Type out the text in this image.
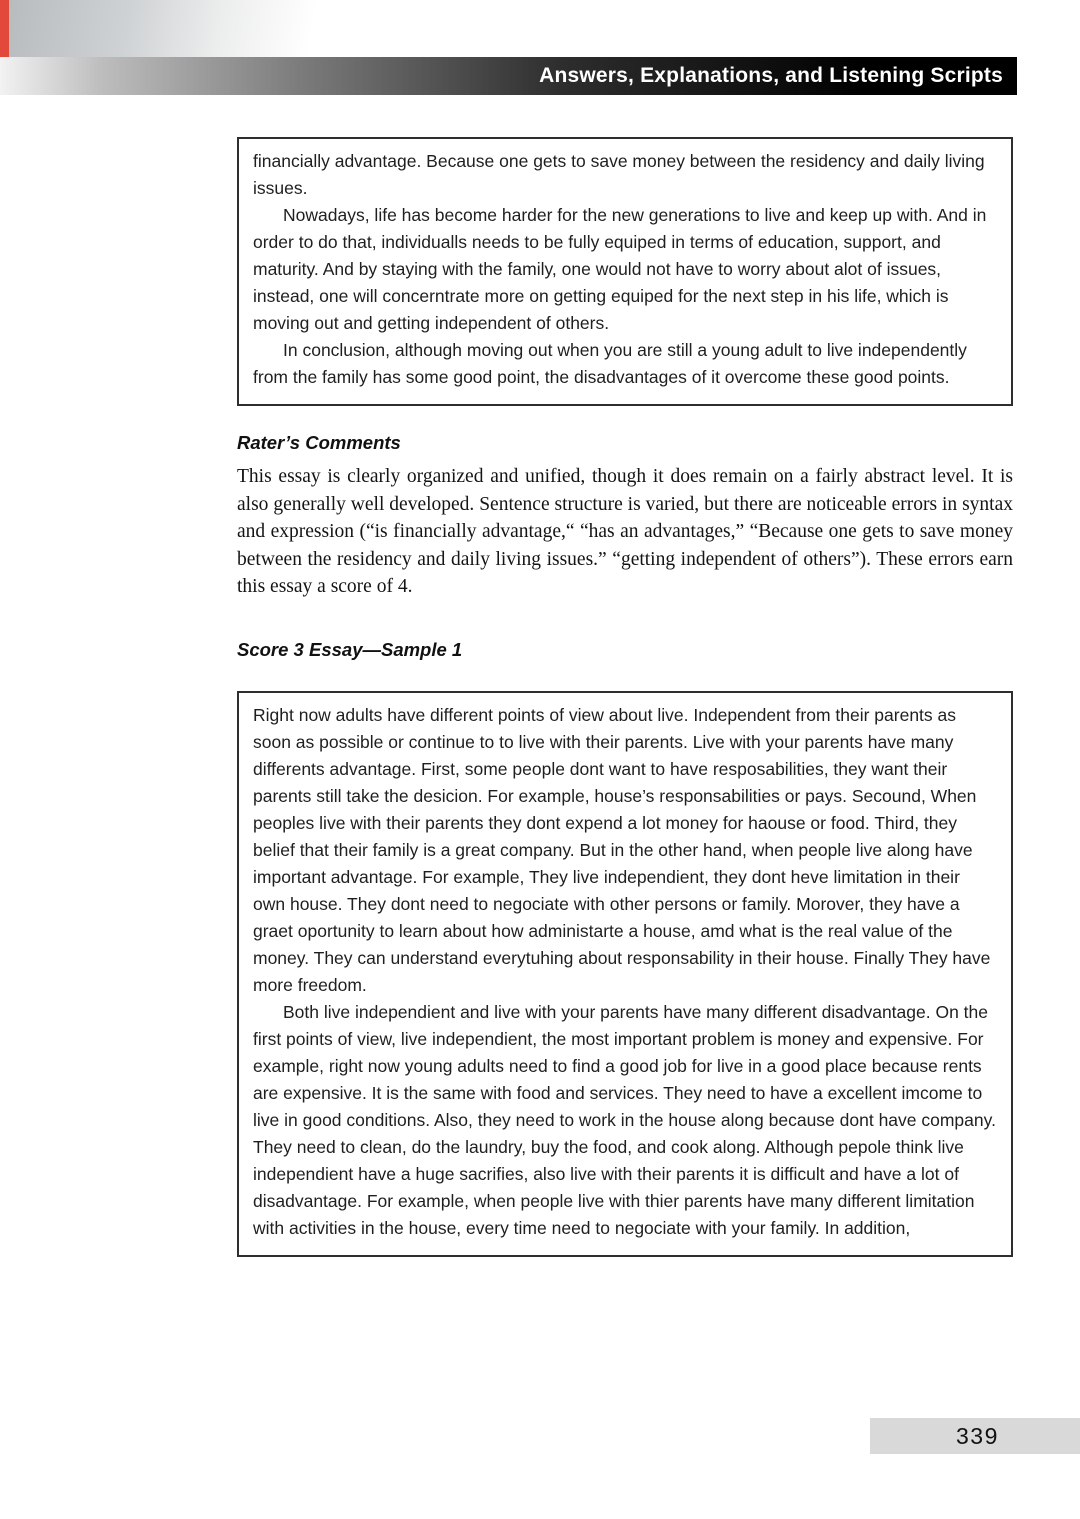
Answers, Explanations, and Listening Scripts

financially advantage. Because one gets to save money between the residency and daily living issues.

Nowadays, life has become harder for the new generations to live and keep up with. And in order to do that, individualls needs to be fully equiped in terms of education, support, and maturity. And by staying with the family, one would not have to worry about alot of issues, instead, one will concerntrate more on getting equiped for the next step in his life, which is moving out and getting independent of others.

In conclusion, although moving out when you are still a young adult to live independently from the family has some good point, the disadvantages of it overcome these good points.

Rater’s Comments

This essay is clearly organized and unified, though it does remain on a fairly abstract level. It is also generally well developed. Sentence structure is varied, but there are noticeable errors in syntax and expression (“is financially advantage,“ “has an advantages,” “Because one gets to save money between the residency and daily living issues.” “getting independent of others”). These errors earn this essay a score of 4.

Score 3 Essay—Sample 1

Right now adults have different points of view about live. Independent from their parents as soon as possible or continue to to live with their parents. Live with your parents have many differents advantage. First, some people dont want to have resposabilities, they want their parents still take the desicion. For example, house’s responsabilities or pays. Secound, When peoples live with their parents they dont expend a lot money for haouse or food. Third, they belief that their family is a great company. But in the other hand, when people live along have important advantage. For example, They live independient, they dont heve limitation in their own house. They dont need to negociate with other persons or family. Morover, they have a graet oportunity to learn about how administarte a house, amd what is the real value of the money. They can understand everytuhing about responsability in their house. Finally They have more freedom.

Both live independient and live with your parents have many different disadvantage. On the first points of view, live independient, the most important problem is money and expensive. For example, right now young adults need to find a good job for live in a good place because rents are expensive. It is the same with food and services. They need to have a excellent imcome to live in good conditions. Also, they need to work in the house along because dont have company. They need to clean, do the laundry, buy the food, and cook along. Although pepole think live independient have a huge sacrifies, also live with their parents it is difficult and have a lot of disadvantage. For example, when people live with thier parents have many different limitation with activities in the house, every time need to negociate with your family. In addition,

339
